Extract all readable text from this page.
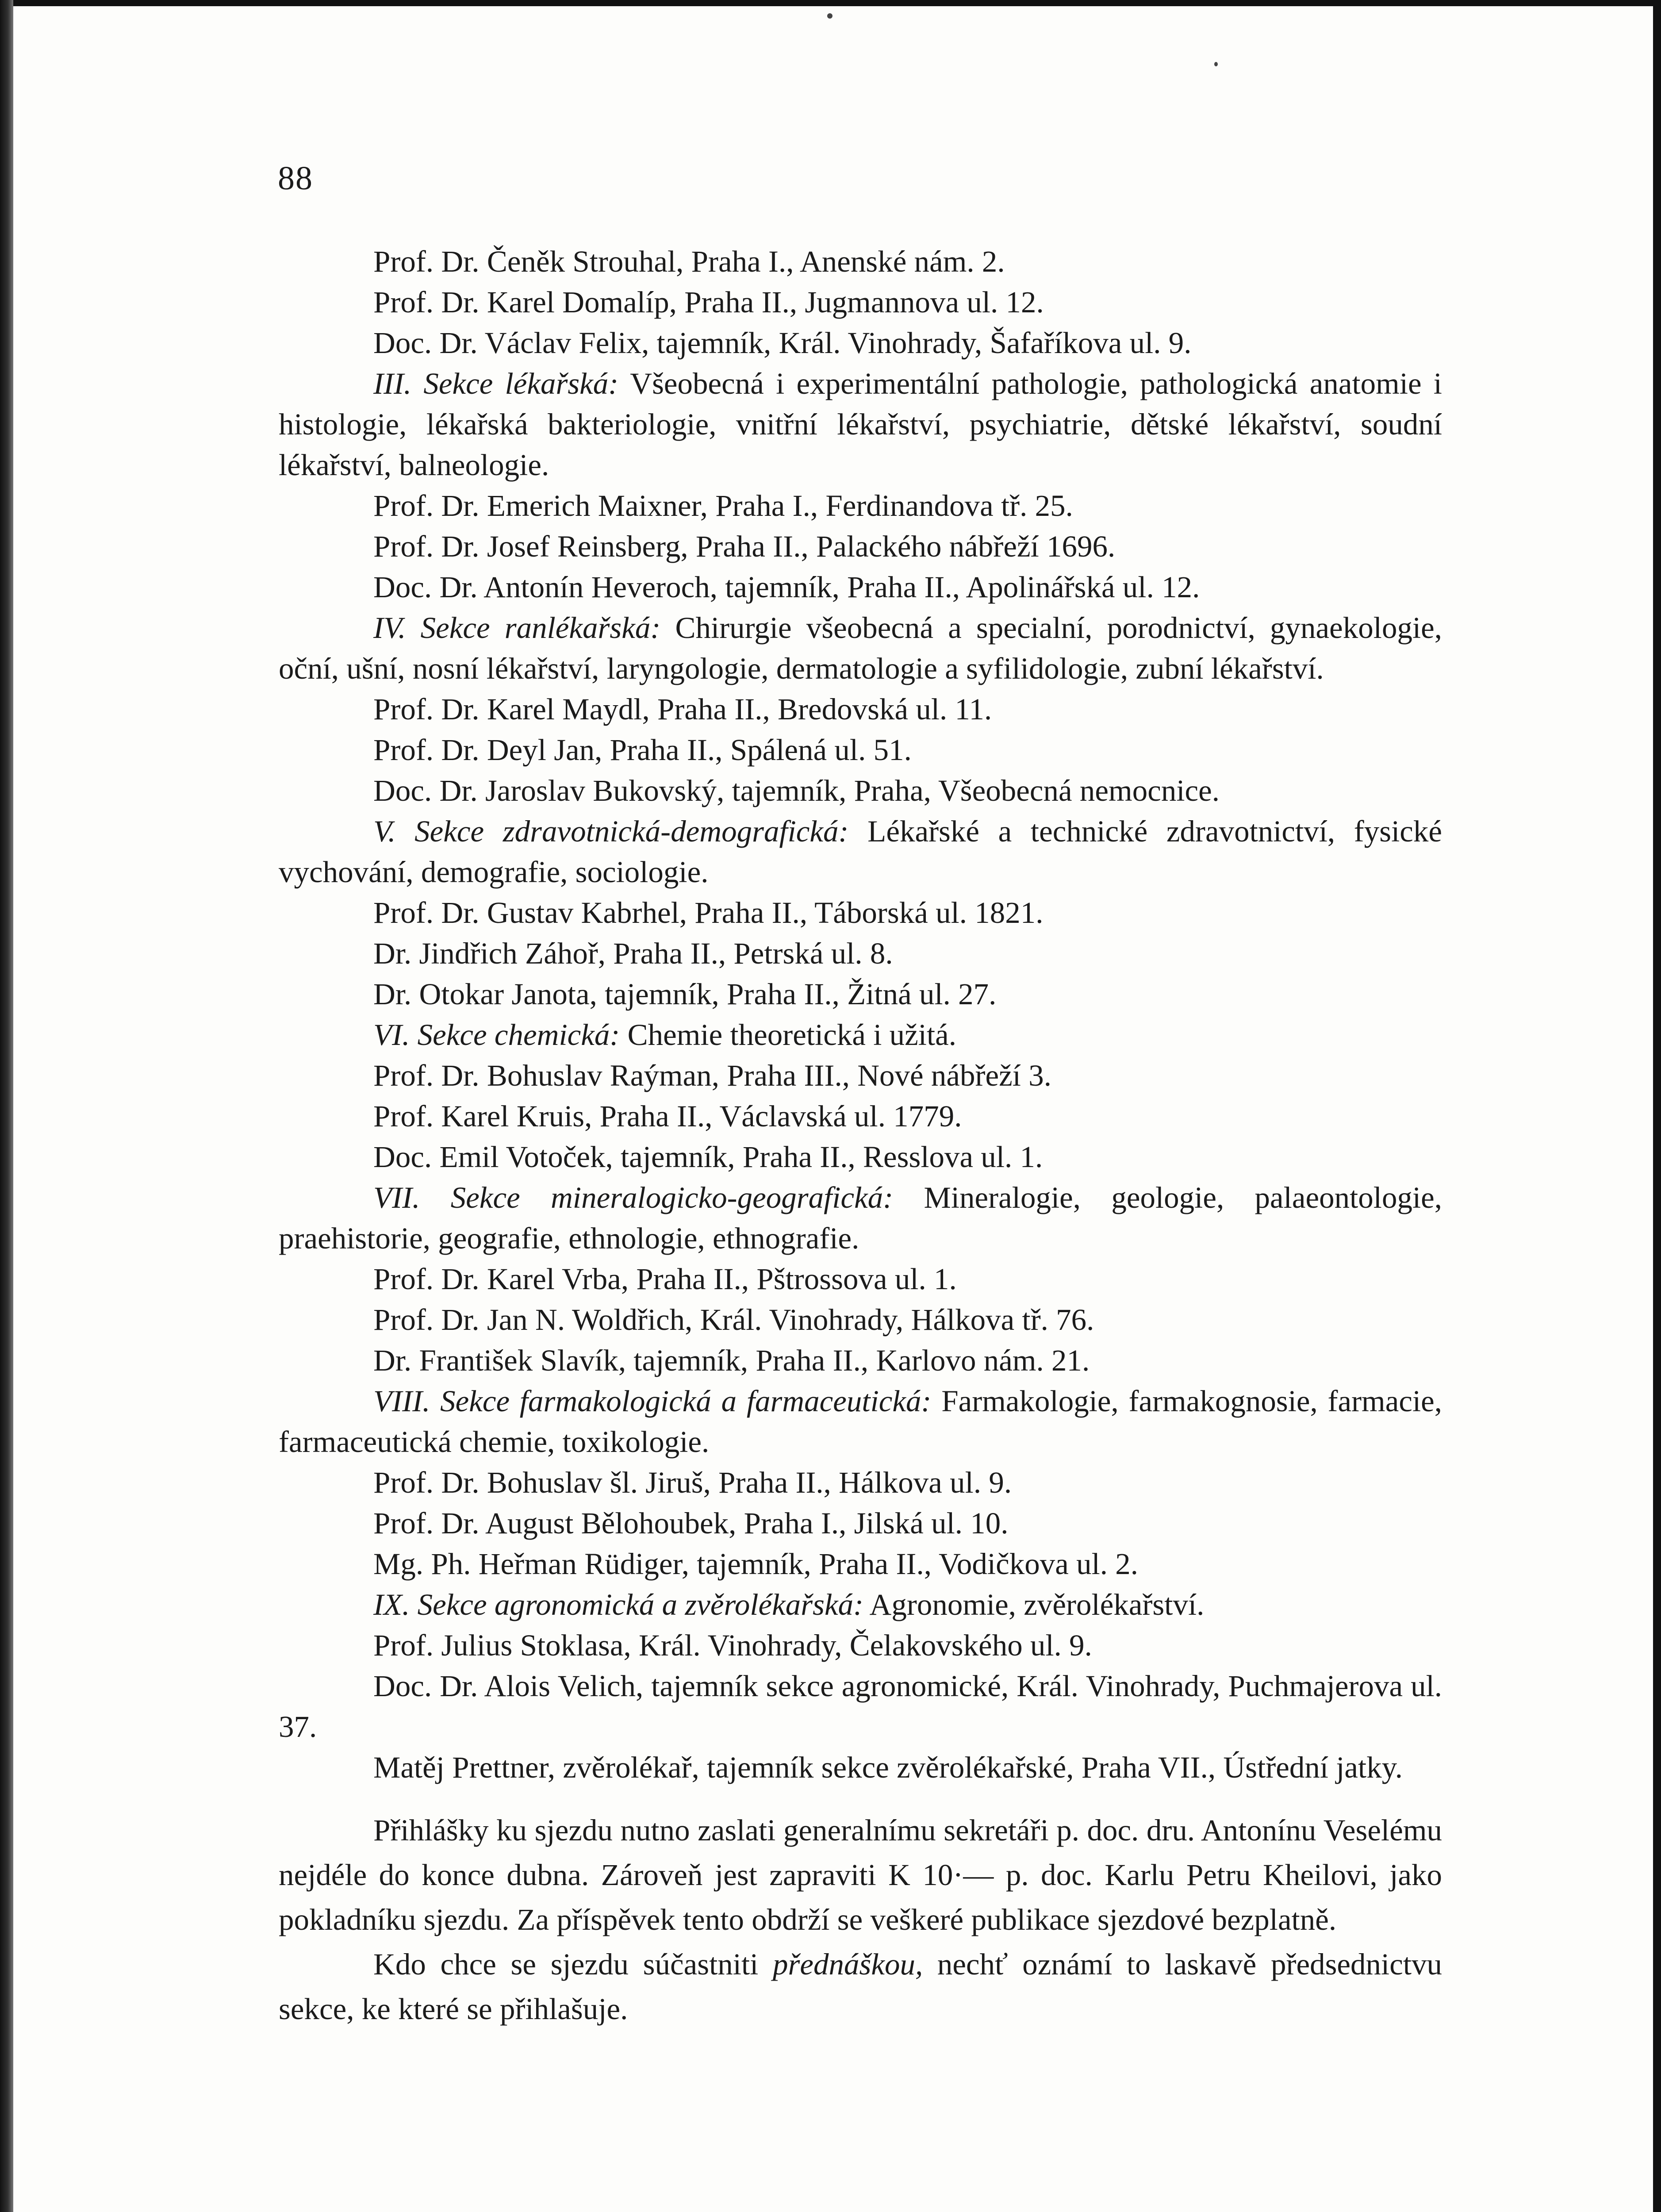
88

Prof. Dr. Čeněk Strouhal, Praha I., Anenské nám. 2.

Prof. Dr. Karel Domalíp, Praha II., Jugmannova ul. 12.

Doc. Dr. Václav Felix, tajemník, Král. Vinohrady, Šafaříkova ul. 9.

III. Sekce lékařská: Všeobecná i experimentální pathologie, pathologická anatomie i histologie, lékařská bakteriologie, vnitřní lékařství, psychiatrie, dětské lékařství, soudní lékařství, balneologie.

Prof. Dr. Emerich Maixner, Praha I., Ferdinandova tř. 25.

Prof. Dr. Josef Reinsberg, Praha II., Palackého nábřeží 1696.

Doc. Dr. Antonín Heveroch, tajemník, Praha II., Apolinářská ul. 12.

IV. Sekce ranlékařská: Chirurgie všeobecná a specialní, porodnictví, gynaekologie, oční, ušní, nosní lékařství, laryngologie, dermatologie a syfilidologie, zubní lékařství.

Prof. Dr. Karel Maydl, Praha II., Bredovská ul. 11.

Prof. Dr. Deyl Jan, Praha II., Spálená ul. 51.

Doc. Dr. Jaroslav Bukovský, tajemník, Praha, Všeobecná nemocnice.

V. Sekce zdravotnická-demografická: Lékařské a technické zdravotnictví, fysické vychování, demografie, sociologie.

Prof. Dr. Gustav Kabrhel, Praha II., Táborská ul. 1821.

Dr. Jindřich Záhoř, Praha II., Petrská ul. 8.

Dr. Otokar Janota, tajemník, Praha II., Žitná ul. 27.

VI. Sekce chemická: Chemie theoretická i užitá.

Prof. Dr. Bohuslav Raýman, Praha III., Nové nábřeží 3.

Prof. Karel Kruis, Praha II., Václavská ul. 1779.

Doc. Emil Votoček, tajemník, Praha II., Resslova ul. 1.

VII. Sekce mineralogicko-geografická: Mineralogie, geologie, palaeontologie, praehistorie, geografie, ethnologie, ethnografie.

Prof. Dr. Karel Vrba, Praha II., Pštrossova ul. 1.

Prof. Dr. Jan N. Woldřich, Král. Vinohrady, Hálkova tř. 76.

Dr. František Slavík, tajemník, Praha II., Karlovo nám. 21.

VIII. Sekce farmakologická a farmaceutická: Farmakologie, farmakognosie, farmacie, farmaceutická chemie, toxikologie.

Prof. Dr. Bohuslav šl. Jiruš, Praha II., Hálkova ul. 9.

Prof. Dr. August Bělohoubek, Praha I., Jilská ul. 10.

Mg. Ph. Heřman Rüdiger, tajemník, Praha II., Vodičkova ul. 2.

IX. Sekce agronomická a zvěrolékařská: Agronomie, zvěrolékařství.

Prof. Julius Stoklasa, Král. Vinohrady, Čelakovského ul. 9.

Doc. Dr. Alois Velich, tajemník sekce agronomické, Král. Vinohrady, Puchmajerova ul. 37.

Matěj Prettner, zvěrolékař, tajemník sekce zvěrolékařské, Praha VII., Ústřední jatky.

Přihlášky ku sjezdu nutno zaslati generalnímu sekretáři p. doc. dru. Antonínu Veselému nejdéle do konce dubna. Zároveň jest zapraviti K 10·— p. doc. Karlu Petru Kheilovi, jako pokladníku sjezdu. Za příspěvek tento obdrží se veškeré publikace sjezdové bezplatně.

Kdo chce se sjezdu súčastniti přednáškou, nechť oznámí to laskavě předsednictvu sekce, ke které se přihlašuje.
